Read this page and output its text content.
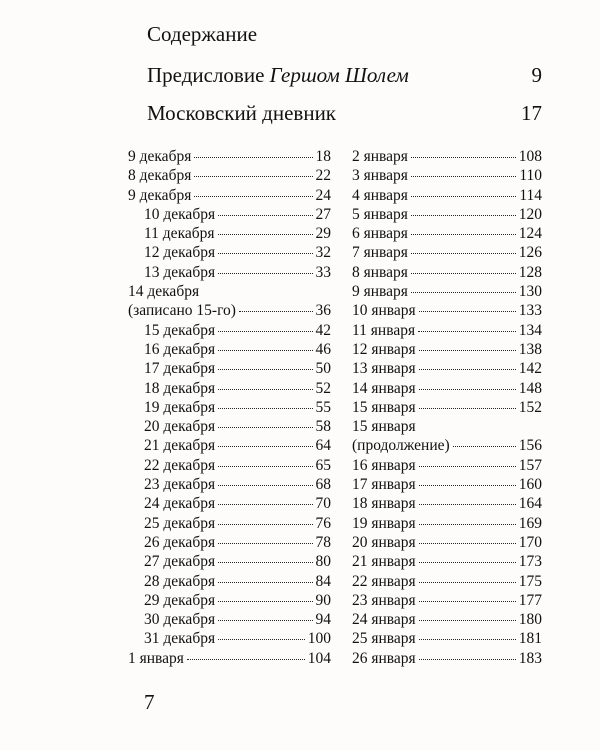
Содержание
Предисловие Гершом Шолем	9
Московский дневник	17
9 декабря	18
8 декабря	22
9 декабря	24
10 декабря	27
11 декабря	29
12 декабря	32
13 декабря	33
14 декабря
(записано 15-го)	36
15 декабря	42
16 декабря	46
17 декабря	50
18 декабря	52
19 декабря	55
20 декабря	58
21 декабря	64
22 декабря	65
23 декабря	68
24 декабря	70
25 декабря	76
26 декабря	78
27 декабря	80
28 декабря	84
29 декабря	90
30 декабря	94
31 декабря	100
1 января	104
2 января	108
3 января	110
4 января	114
5 января	120
6 января	124
7 января	126
8 января	128
9 января	130
10 января	133
11 января	134
12 января	138
13 января	142
14 января	148
15 января	152
15 января
(продолжение)	156
16 января	157
17 января	160
18 января	164
19 января	169
20 января	170
21 января	173
22 января	175
23 января	177
24 января	180
25 января	181
26 января	183
7
